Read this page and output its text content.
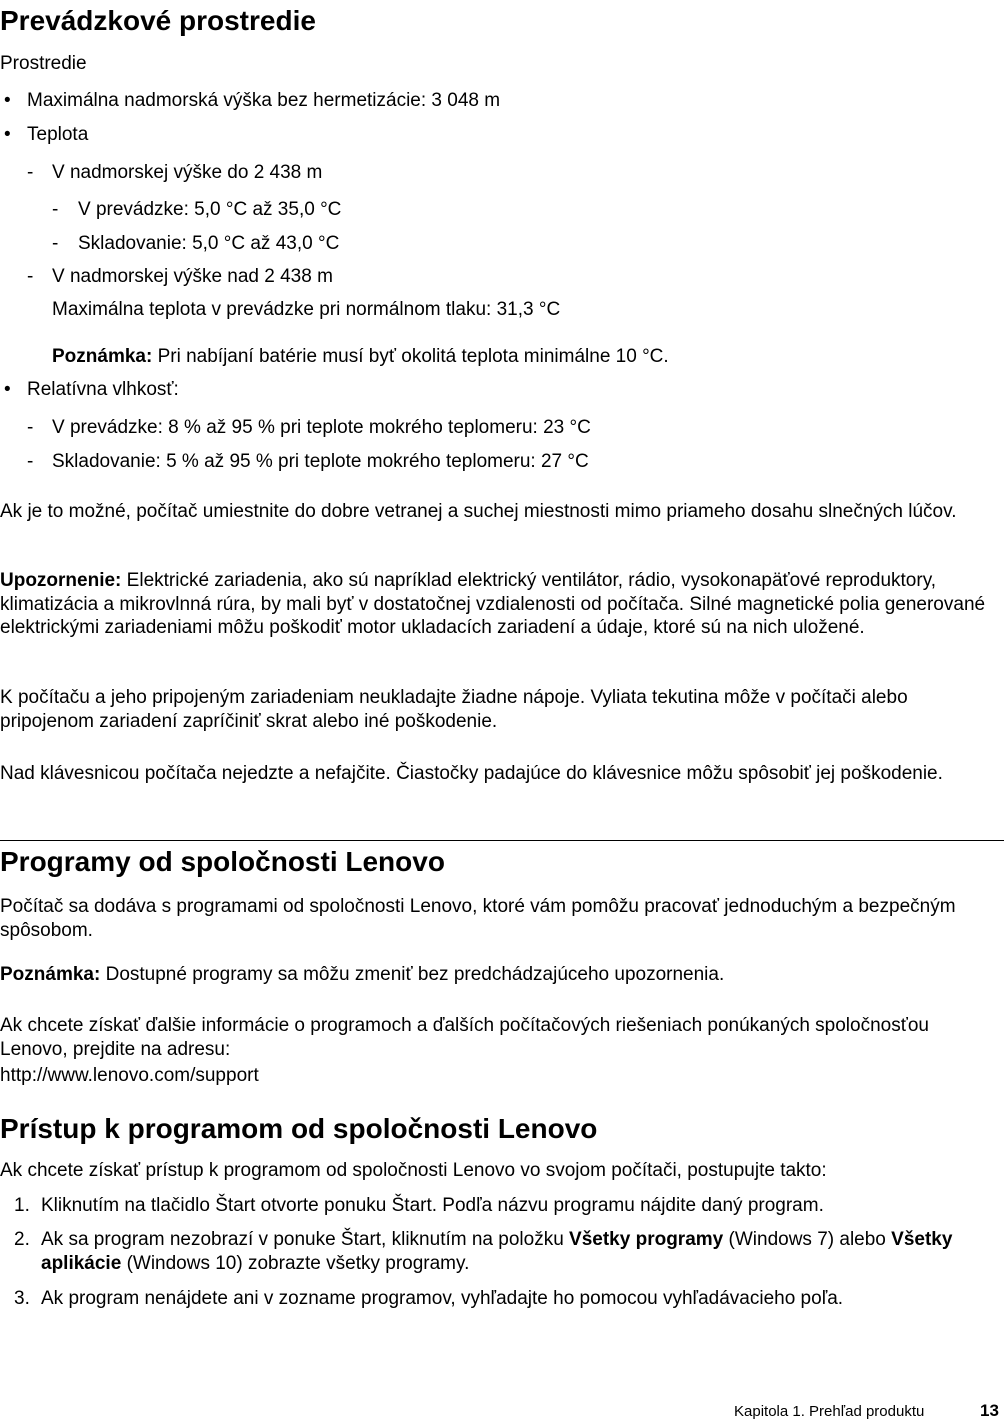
Prevádzkové prostredie
Prostredie
• Maximálna nadmorská výška bez hermetizácie: 3 048 m
• Teplota
- V nadmorskej výške do 2 438 m
- V prevádzke: 5,0 °C až 35,0 °C
- Skladovanie: 5,0 °C až 43,0 °C
- V nadmorskej výške nad 2 438 m
Maximálna teplota v prevádzke pri normálnom tlaku: 31,3 °C
Poznámka: Pri nabíjaní batérie musí byť okolitá teplota minimálne 10 °C.
• Relatívna vlhkosť:
- V prevádzke: 8 % až 95 % pri teplote mokrého teplomeru: 23 °C
- Skladovanie: 5 % až 95 % pri teplote mokrého teplomeru: 27 °C
Ak je to možné, počítač umiestnite do dobre vetranej a suchej miestnosti mimo priameho dosahu slnečných lúčov.
Upozornenie: Elektrické zariadenia, ako sú napríklad elektrický ventilátor, rádio, vysokonapäťové reproduktory, klimatizácia a mikrovlnná rúra, by mali byť v dostatočnej vzdialenosti od počítača. Silné magnetické polia generované elektrickými zariadeniami môžu poškodiť motor ukladacích zariadení a údaje, ktoré sú na nich uložené.
K počítaču a jeho pripojeným zariadeniam neukladajte žiadne nápoje. Vyliata tekutina môže v počítači alebo pripojenom zariadení zapríčiniť skrat alebo iné poškodenie.
Nad klávesnicou počítača nejedzte a nefajčite. Čiastočky padajúce do klávesnice môžu spôsobiť jej poškodenie.
Programy od spoločnosti Lenovo
Počítač sa dodáva s programami od spoločnosti Lenovo, ktoré vám pomôžu pracovať jednoduchým a bezpečným spôsobom.
Poznámka: Dostupné programy sa môžu zmeniť bez predchádzajúceho upozornenia.
Ak chcete získať ďalšie informácie o programoch a ďalších počítačových riešeniach ponúkaných spoločnosťou Lenovo, prejdite na adresu:
http://www.lenovo.com/support
Prístup k programom od spoločnosti Lenovo
Ak chcete získať prístup k programom od spoločnosti Lenovo vo svojom počítači, postupujte takto:
1. Kliknutím na tlačidlo Štart otvorte ponuku Štart. Podľa názvu programu nájdite daný program.
2. Ak sa program nezobrazí v ponuke Štart, kliknutím na položku Všetky programy (Windows 7) alebo Všetky aplikácie (Windows 10) zobrazte všetky programy.
3. Ak program nenájdete ani v zozname programov, vyhľadajte ho pomocou vyhľadávacieho poľa.
Kapitola 1. Prehľad produktu	13
